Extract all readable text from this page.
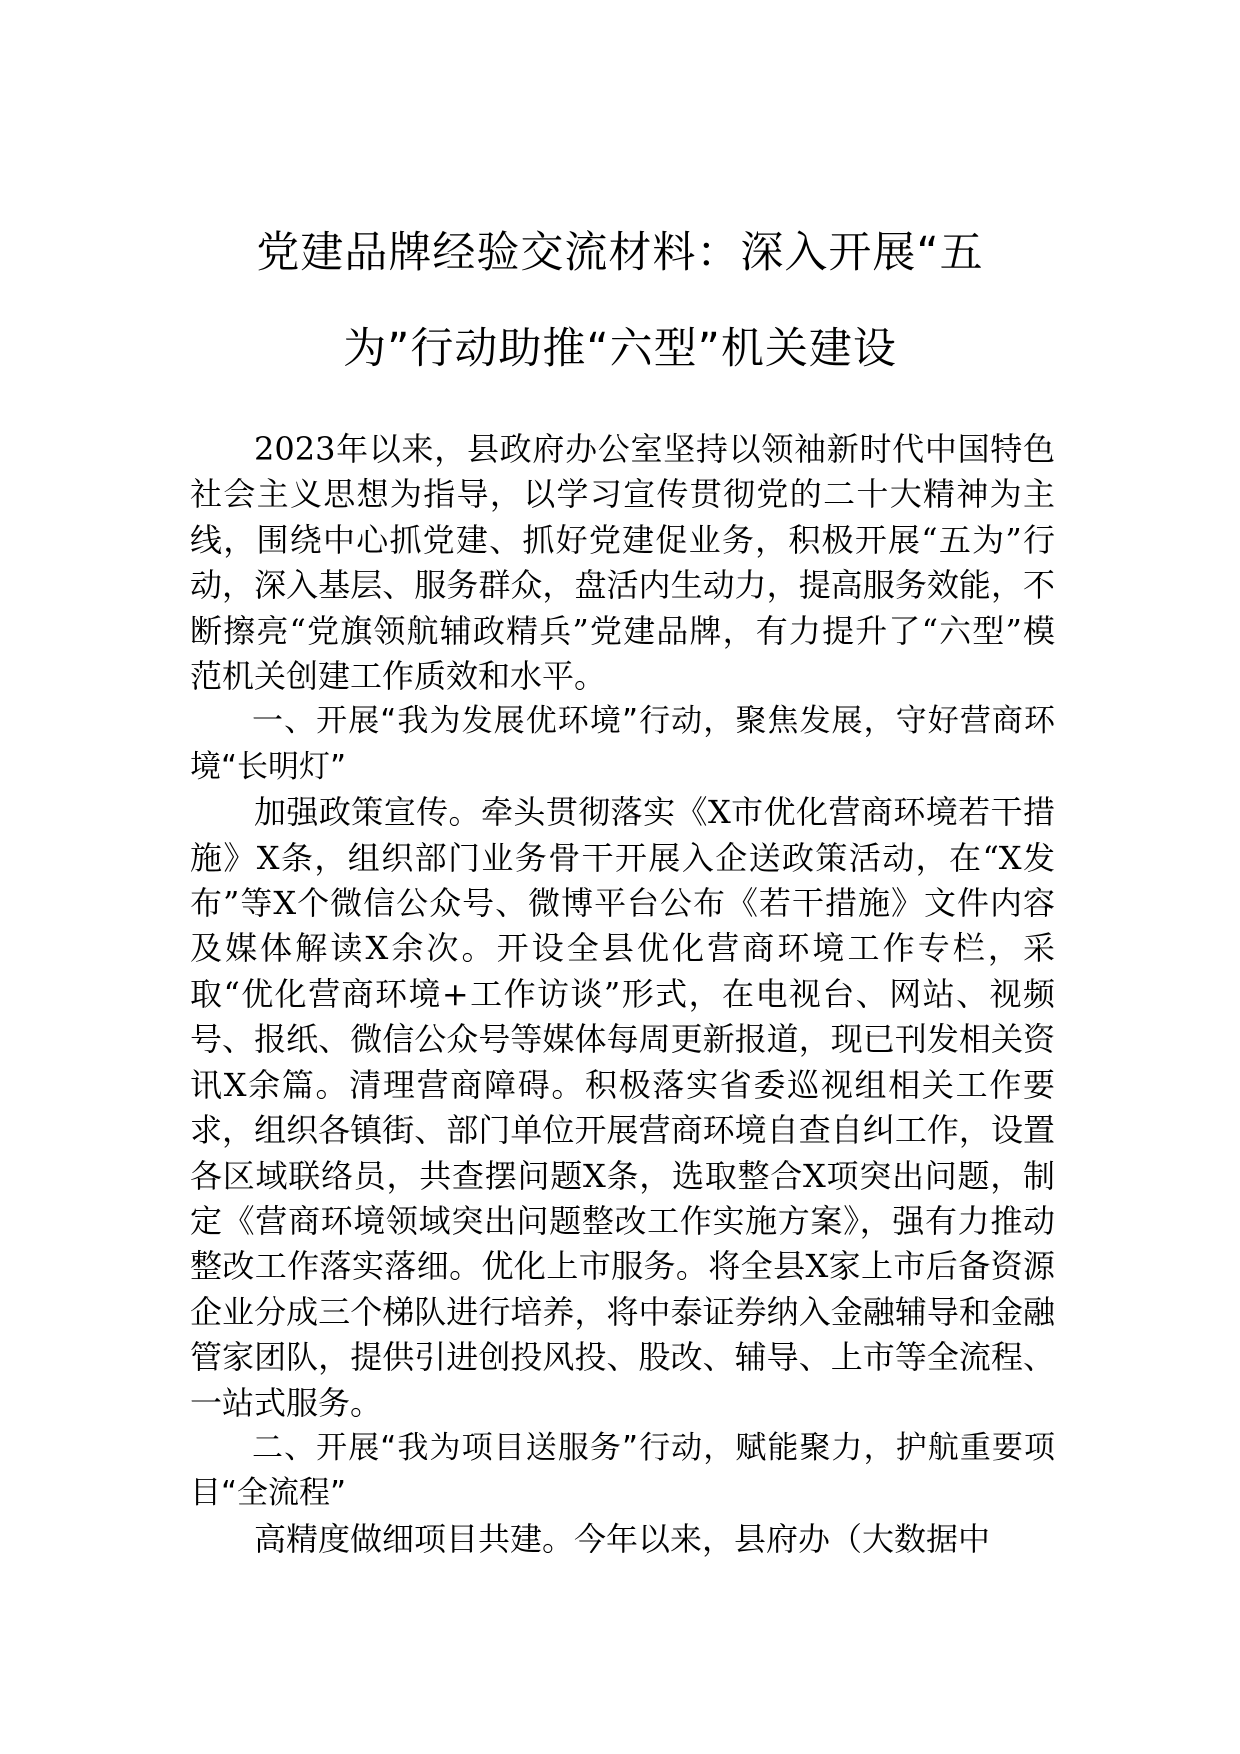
党建品牌经验交流材料：深入开展“五
为”行动助推“六型”机关建设

2023年以来，县政府办公室坚持以领袖新时代中国特色社会主义思想为指导，以学习宣传贯彻党的二十大精神为主线，围绕中心抓党建、抓好党建促业务，积极开展“五为”行动，深入基层、服务群众，盘活内生动力，提高服务效能，不断擦亮“党旗领航辅政精兵”党建品牌，有力提升了“六型”模范机关创建工作质效和水平。

一、开展“我为发展优环境”行动，聚焦发展，守好营商环境“长明灯”

加强政策宣传。牵头贯彻落实《X市优化营商环境若干措施》X条，组织部门业务骨干开展入企送政策活动，在“X发布”等X个微信公众号、微博平台公布《若干措施》文件内容及媒体解读X余次。开设全县优化营商环境工作专栏，采取“优化营商环境+工作访谈”形式，在电视台、网站、视频号、报纸、微信公众号等媒体每周更新报道，现已刊发相关资讯X余篇。清理营商障碍。积极落实省委巡视组相关工作要求，组织各镇街、部门单位开展营商环境自查自纠工作，设置各区域联络员，共查摆问题X条，选取整合X项突出问题，制定《营商环境领域突出问题整改工作实施方案》，强有力推动整改工作落实落细。优化上市服务。将全县X家上市后备资源企业分成三个梯队进行培养，将中泰证券纳入金融辅导和金融管家团队，提供引进创投风投、股改、辅导、上市等全流程、一站式服务。

二、开展“我为项目送服务”行动，赋能聚力，护航重要项目“全流程”

高精度做细项目共建。今年以来，县府办（大数据中
